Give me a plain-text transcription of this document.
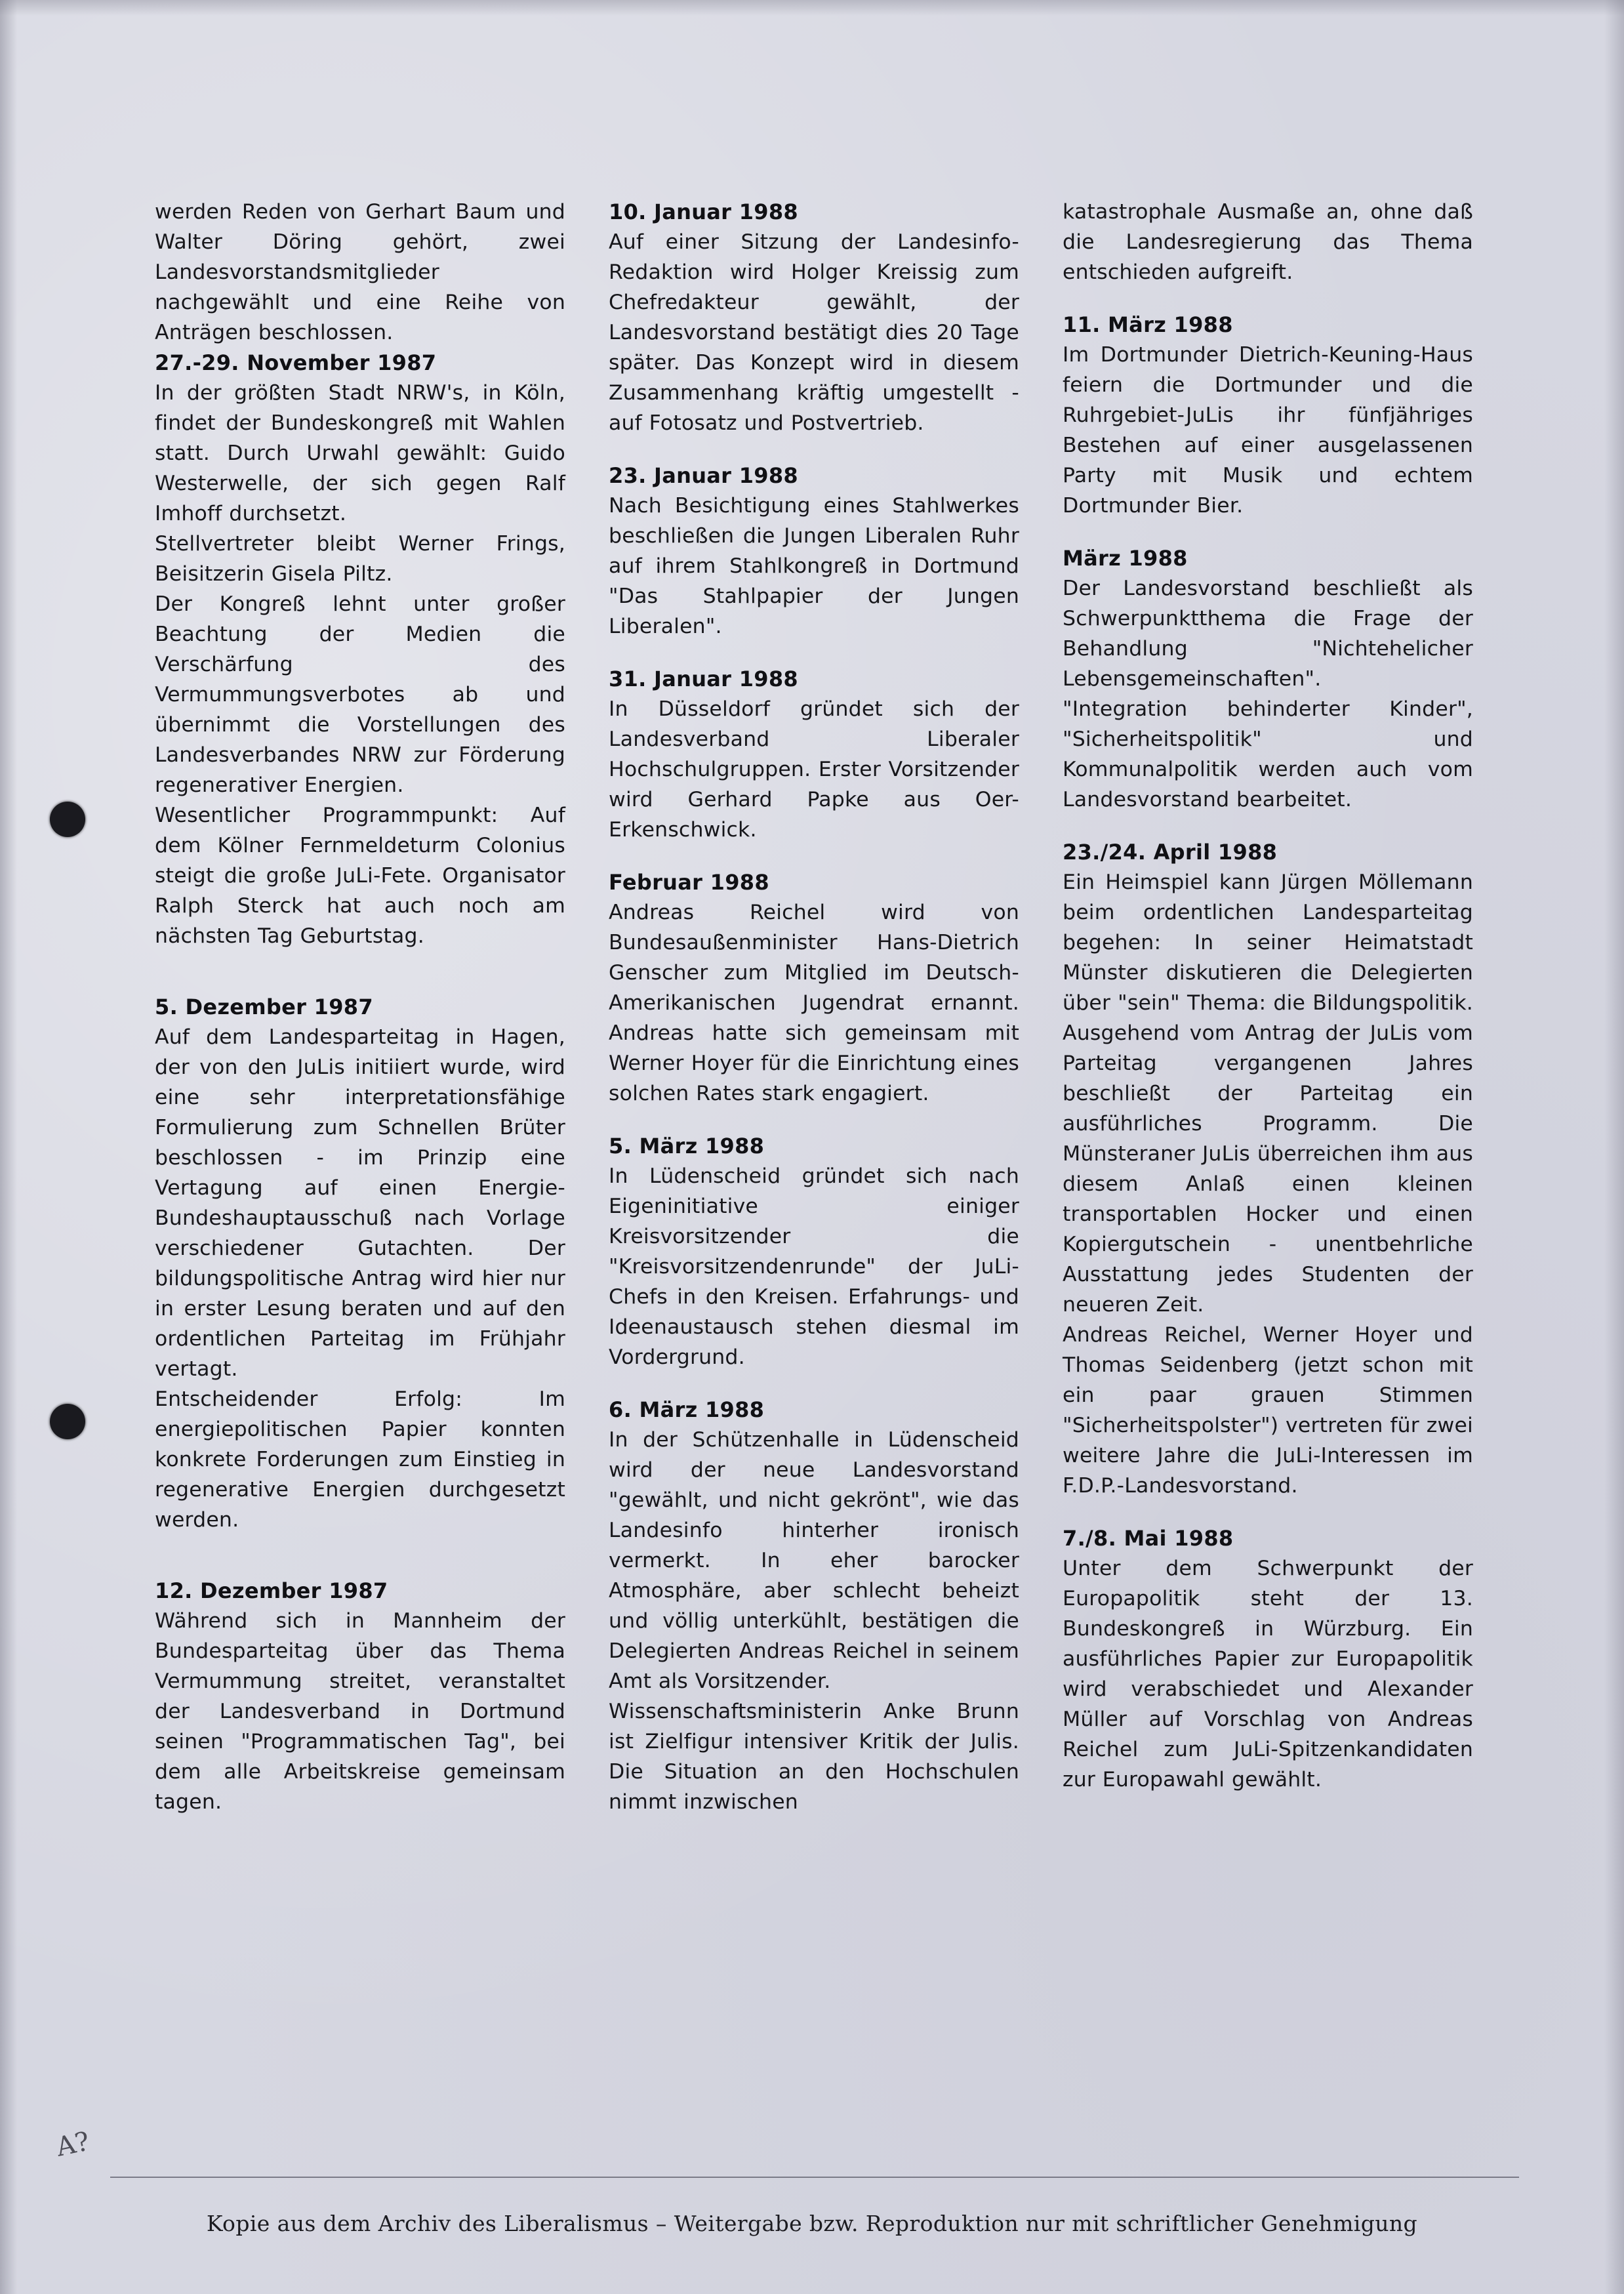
werden Reden von Gerhart Baum und Walter Döring gehört, zwei Landesvorstandsmitglieder nachgewählt und eine Reihe von Anträgen beschlossen.
27.-29. November 1987
In der größten Stadt NRW's, in Köln, findet der Bundeskongreß mit Wahlen statt. Durch Urwahl gewählt: Guido Westerwelle, der sich gegen Ralf Imhoff durchsetzt.
Stellvertreter bleibt Werner Frings, Beisitzerin Gisela Piltz.
Der Kongreß lehnt unter großer Beachtung der Medien die Verschärfung des Vermummungsverbotes ab und übernimmt die Vorstellungen des Landesverbandes NRW zur Förderung regenerativer Energien.
Wesentlicher Programmpunkt: Auf dem Kölner Fernmeldeturm Colonius steigt die große JuLi-Fete. Organisator Ralph Sterck hat auch noch am nächsten Tag Geburtstag.
5. Dezember 1987
Auf dem Landesparteitag in Hagen, der von den JuLis initiiert wurde, wird eine sehr interpretationsfähige Formulierung zum Schnellen Brüter beschlossen - im Prinzip eine Vertagung auf einen Energie-Bundeshauptausschuß nach Vorlage verschiedener Gutachten. Der bildungspolitische Antrag wird hier nur in erster Lesung beraten und auf den ordentlichen Parteitag im Frühjahr vertagt.
Entscheidender Erfolg: Im energiepolitischen Papier konnten konkrete Forderungen zum Einstieg in regenerative Energien durchgesetzt werden.
12. Dezember 1987
Während sich in Mannheim der Bundesparteitag über das Thema Vermummung streitet, veranstaltet der Landesverband in Dortmund seinen "Programmatischen Tag", bei dem alle Arbeitskreise gemeinsam tagen.
10. Januar 1988
Auf einer Sitzung der Landesinfo-Redaktion wird Holger Kreissig zum Chefredakteur gewählt, der Landesvorstand bestätigt dies 20 Tage später. Das Konzept wird in diesem Zusammenhang kräftig umgestellt - auf Fotosatz und Postvertrieb.
23. Januar 1988
Nach Besichtigung eines Stahlwerkes beschließen die Jungen Liberalen Ruhr auf ihrem Stahlkongreß in Dortmund "Das Stahlpapier der Jungen Liberalen".
31. Januar 1988
In Düsseldorf gründet sich der Landesverband Liberaler Hochschulgruppen. Erster Vorsitzender wird Gerhard Papke aus Oer-Erkenschwick.
Februar 1988
Andreas Reichel wird von Bundesaußenminister Hans-Dietrich Genscher zum Mitglied im Deutsch-Amerikanischen Jugendrat ernannt. Andreas hatte sich gemeinsam mit Werner Hoyer für die Einrichtung eines solchen Rates stark engagiert.
5. März 1988
In Lüdenscheid gründet sich nach Eigeninitiative einiger Kreisvorsitzender die "Kreisvorsitzendenrunde" der JuLi-Chefs in den Kreisen. Erfahrungs- und Ideenaustausch stehen diesmal im Vordergrund.
6. März 1988
In der Schützenhalle in Lüdenscheid wird der neue Landesvorstand "gewählt, und nicht gekrönt", wie das Landesinfo hinterher ironisch vermerkt. In eher barocker Atmosphäre, aber schlecht beheizt und völlig unterkühlt, bestätigen die Delegierten Andreas Reichel in seinem Amt als Vorsitzender.
Wissenschaftsministerin Anke Brunn ist Zielfigur intensiver Kritik der Julis. Die Situation an den Hochschulen nimmt inzwischen
katastrophale Ausmaße an, ohne daß die Landesregierung das Thema entschieden aufgreift.
11. März 1988
Im Dortmunder Dietrich-Keuning-Haus feiern die Dortmunder und die Ruhrgebiet-JuLis ihr fünfjähriges Bestehen auf einer ausgelassenen Party mit Musik und echtem Dortmunder Bier.
März 1988
Der Landesvorstand beschließt als Schwerpunktthema die Frage der Behandlung "Nichtehelicher Lebensgemeinschaften".
"Integration behinderter Kinder", "Sicherheitspolitik" und Kommunalpolitik werden auch vom Landesvorstand bearbeitet.
23./24. April 1988
Ein Heimspiel kann Jürgen Möllemann beim ordentlichen Landesparteitag begehen: In seiner Heimatstadt Münster diskutieren die Delegierten über "sein" Thema: die Bildungspolitik. Ausgehend vom Antrag der JuLis vom Parteitag vergangenen Jahres beschließt der Parteitag ein ausführliches Programm. Die Münsteraner JuLis überreichen ihm aus diesem Anlaß einen kleinen transportablen Hocker und einen Kopiergutschein - unentbehrliche Ausstattung jedes Studenten der neueren Zeit.
Andreas Reichel, Werner Hoyer und Thomas Seidenberg (jetzt schon mit ein paar grauen Stimmen "Sicherheitspolster") vertreten für zwei weitere Jahre die JuLi-Interessen im F.D.P.-Landesvorstand.
7./8. Mai 1988
Unter dem Schwerpunkt der Europapolitik steht der 13. Bundeskongreß in Würzburg. Ein ausführliches Papier zur Europapolitik wird verabschiedet und Alexander Müller auf Vorschlag von Andreas Reichel zum JuLi-Spitzenkandidaten zur Europawahl gewählt.
A?
Kopie aus dem Archiv des Liberalismus – Weitergabe bzw. Reproduktion nur mit schriftlicher Genehmigung
